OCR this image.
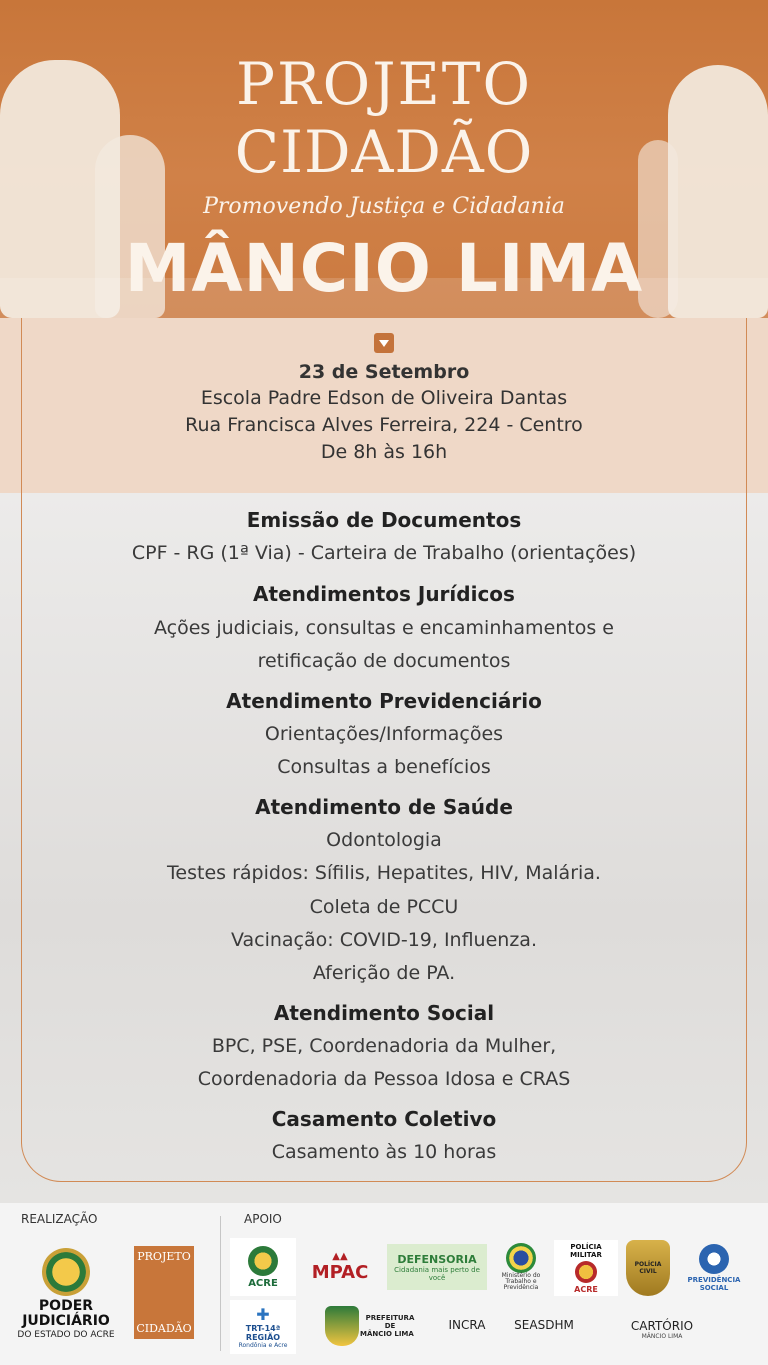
PROJETO
CIDADÃO
Promovendo Justiça e Cidadania
MÂNCIO LIMA
23 de Setembro
Escola Padre Edson de Oliveira Dantas
Rua Francisca Alves Ferreira, 224 - Centro
De 8h às 16h
Emissão de Documentos
CPF - RG (1ª Via) - Carteira de Trabalho (orientações)
Atendimentos Jurídicos
Ações judiciais, consultas e encaminhamentos e
retificação de documentos
Atendimento Previdenciário
Orientações/Informações
Consultas a benefícios
Atendimento de Saúde
Odontologia
Testes rápidos: Sífilis, Hepatites, HIV, Malária.
Coleta de PCCU
Vacinação: COVID-19, Influenza.
Aferição de PA.
Atendimento Social
BPC, PSE, Coordenadoria da Mulher,
Coordenadoria da Pessoa Idosa e CRAS
Casamento Coletivo
Casamento às 10 horas
REALIZAÇÃO	APOIO
PODER
JUDICIÁRIO
DO ESTADO DO ACRE
PROJETO
CIDADÃO
ACRE
▲▲
MPAC
DEFENSORIA
Cidadania mais perto de você	Ministério do Trabalho e Previdência
POLÍCIA MILITAR
ACRE
POLÍCIA
CIVIL
PREVIDÊNCIA SOCIAL
✚
TRT-14ª REGIÃO
Rondônia e Acre
PREFEITURA DE
MÂNCIO LIMA
INCRA SEASDHM	CARTÓRIO
MÂNCIO LIMA
